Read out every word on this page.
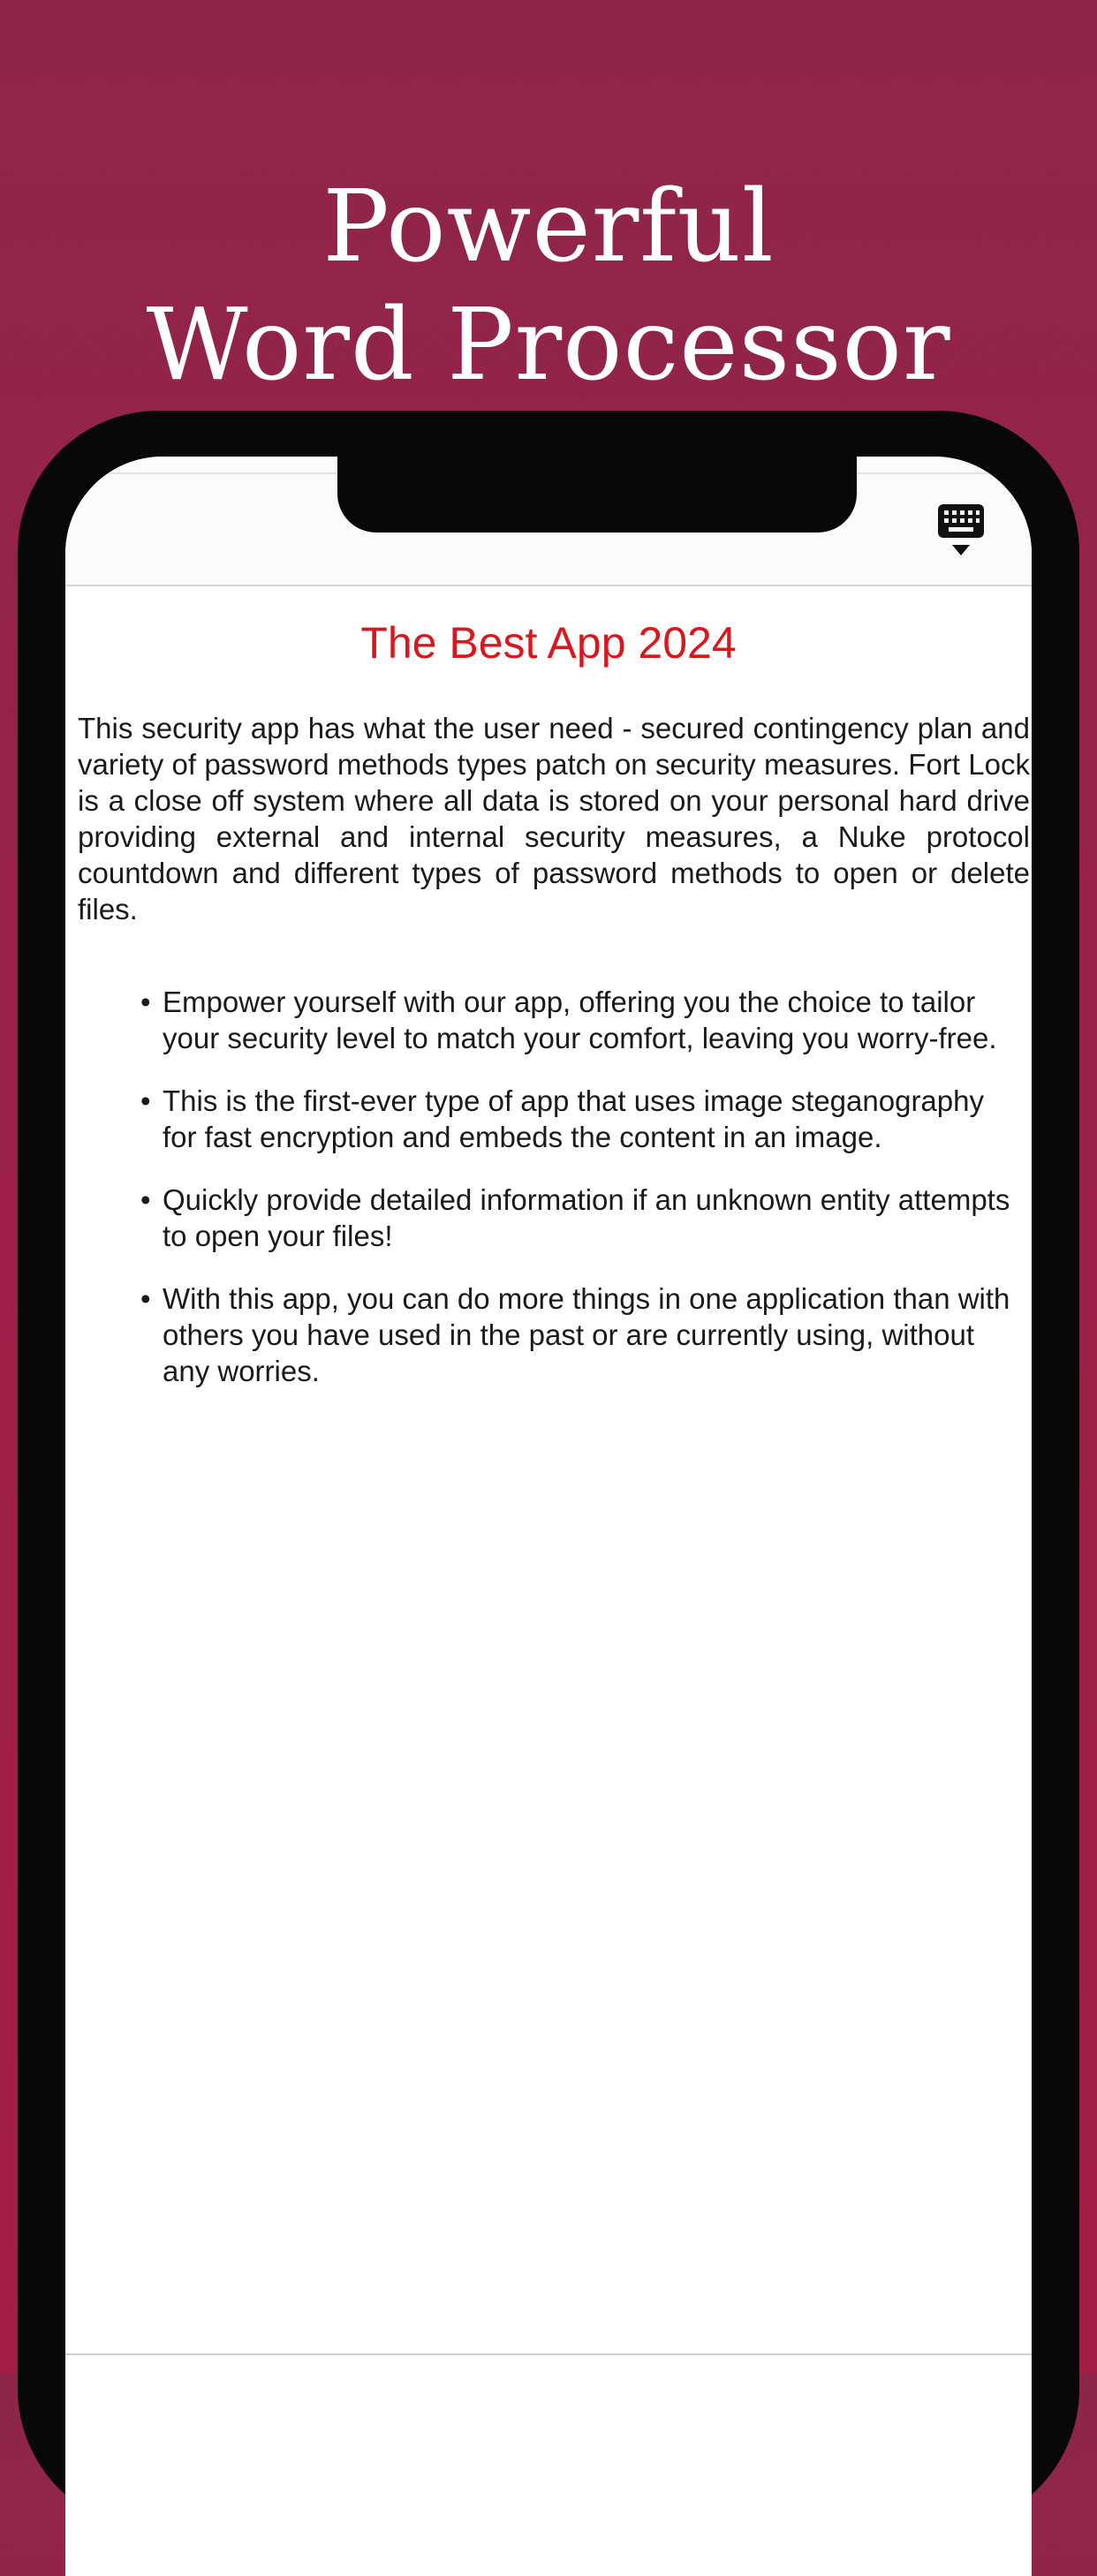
Powerful
Word Processor
The Best App 2024
This security app has what the user need - secured contingency plan and variety of password methods types patch on security measures. Fort Lock is a close off system where all data is stored on your personal hard drive providing external and internal security measures, a Nuke protocol countdown and different types of password methods to open or delete files.
• Empower yourself with our app, offering you the choice to tailor your security level to match your comfort, leaving you worry-free.
• This is the first-ever type of app that uses image steganography for fast encryption and embeds the content in an image.
• Quickly provide detailed information if an unknown entity attempts to open your files!
• With this app, you can do more things in one application than with others you have used in the past or are currently using, without any worries.
